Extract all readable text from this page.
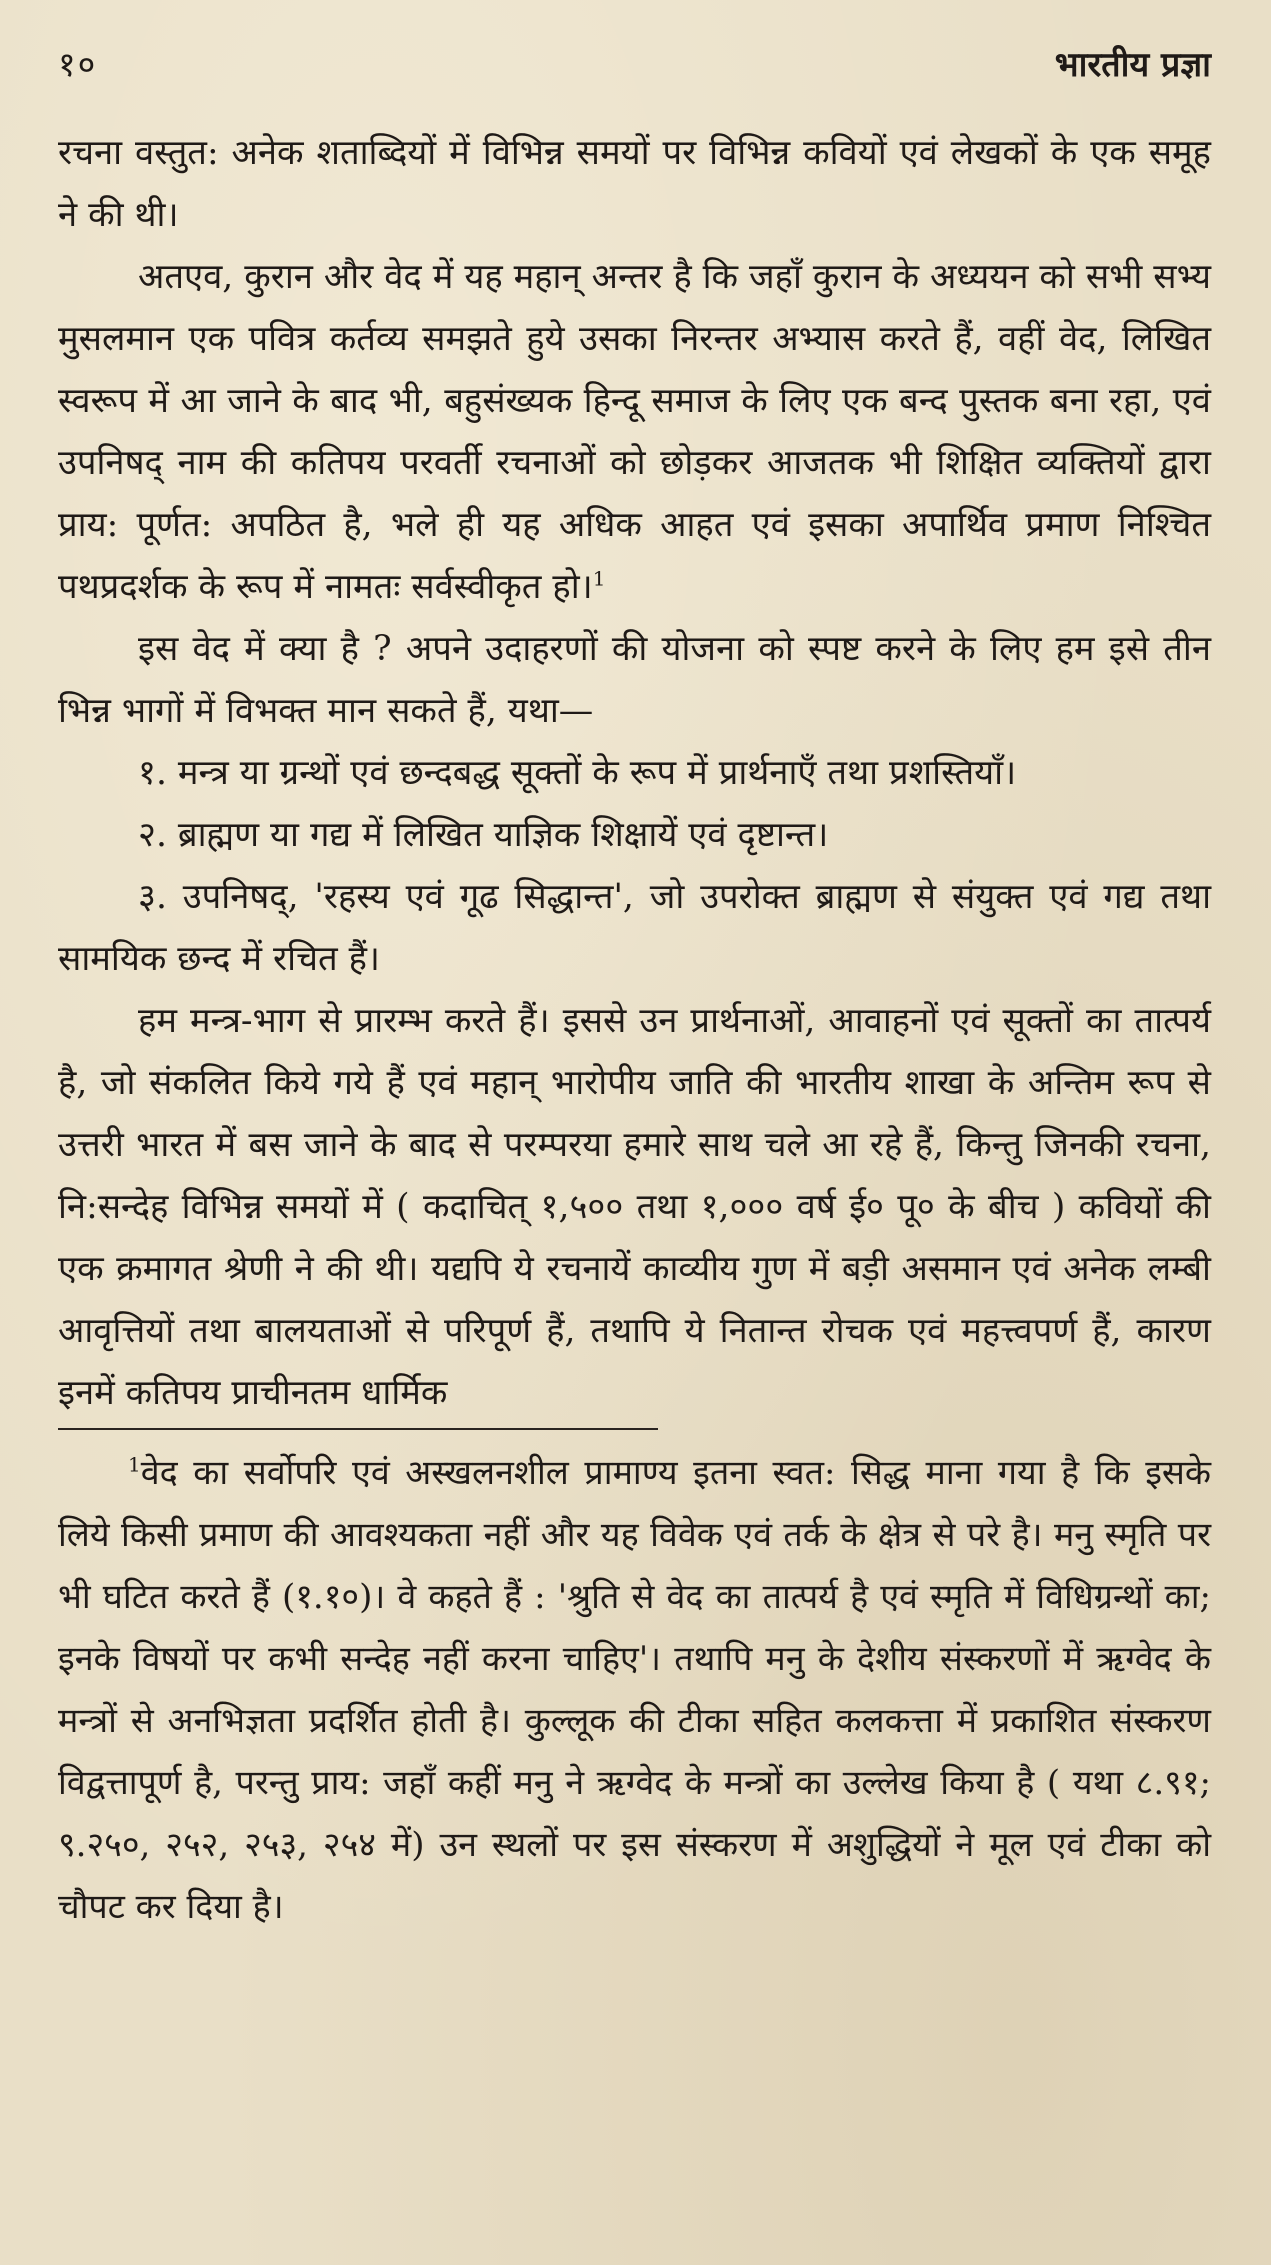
१०	भारतीय प्रज्ञा

रचना वस्तुत: अनेक शताब्दियों में विभिन्न समयों पर विभिन्न कवियों एवं लेखकों के एक समूह ने की थी।

अतएव, कुरान और वेद में यह महान् अन्तर है कि जहाँ कुरान के अध्ययन को सभी सभ्य मुसलमान एक पवित्र कर्तव्य समझते हुये उसका निरन्तर अभ्यास करते हैं, वहीं वेद, लिखित स्वरूप में आ जाने के बाद भी, बहुसंख्यक हिन्दू समाज के लिए एक बन्द पुस्तक बना रहा, एवं उपनिषद् नाम की कतिपय परवर्ती रचनाओं को छोड़कर आजतक भी शिक्षित व्यक्तियों द्वारा प्राय: पूर्णत: अपठित है, भले ही यह अधिक आहत एवं इसका अपार्थिव प्रमाण निश्चित पथप्रदर्शक के रूप में नामतः सर्वस्वीकृत हो।$^1$

इस वेद में क्या है ? अपने उदाहरणों की योजना को स्पष्ट करने के लिए हम इसे तीन भिन्न भागों में विभक्त मान सकते हैं, यथा—

१. मन्त्र या ग्रन्थों एवं छन्दबद्ध सूक्तों के रूप में प्रार्थनाएँ तथा प्रशस्तियाँ।

२. ब्राह्मण या गद्य में लिखित याज्ञिक शिक्षायें एवं दृष्टान्त।

३. उपनिषद्, 'रहस्य एवं गूढ सिद्धान्त', जो उपरोक्त ब्राह्मण से संयुक्त एवं गद्य तथा सामयिक छन्द में रचित हैं।

हम मन्त्र-भाग से प्रारम्भ करते हैं। इससे उन प्रार्थनाओं, आवाहनों एवं सूक्तों का तात्पर्य है, जो संकलित किये गये हैं एवं महान् भारोपीय जाति की भारतीय शाखा के अन्तिम रूप से उत्तरी भारत में बस जाने के बाद से परम्परया हमारे साथ चले आ रहे हैं, किन्तु जिनकी रचना, नि:सन्देह विभिन्न समयों में ( कदाचित् १,५०० तथा १,००० वर्ष ई० पू० के बीच ) कवियों की एक क्रमागत श्रेणी ने की थी। यद्यपि ये रचनायें काव्यीय गुण में बड़ी असमान एवं अनेक लम्बी आवृत्तियों तथा बालयताओं से परिपूर्ण हैं, तथापि ये नितान्त रोचक एवं महत्त्वपर्ण हैं, कारण इनमें कतिपय प्राचीनतम धार्मिक

$^1$वेद का सर्वोपरि एवं अस्खलनशील प्रामाण्य इतना स्वत: सिद्ध माना गया है कि इसके लिये किसी प्रमाण की आवश्यकता नहीं और यह विवेक एवं तर्क के क्षेत्र से परे है। मनु स्मृति पर भी घटित करते हैं (१.१०)। वे कहते हैं : 'श्रुति से वेद का तात्पर्य है एवं स्मृति में विधिग्रन्थों का; इनके विषयों पर कभी सन्देह नहीं करना चाहिए'। तथापि मनु के देशीय संस्करणों में ऋग्वेद के मन्त्रों से अनभिज्ञता प्रदर्शित होती है। कुल्लूक की टीका सहित कलकत्ता में प्रकाशित संस्करण विद्वत्तापूर्ण है, परन्तु प्राय: जहाँ कहीं मनु ने ऋग्वेद के मन्त्रों का उल्लेख किया है ( यथा ८.९१; ९.२५०, २५२, २५३, २५४ में) उन स्थलों पर इस संस्करण में अशुद्धियों ने मूल एवं टीका को चौपट कर दिया है।
